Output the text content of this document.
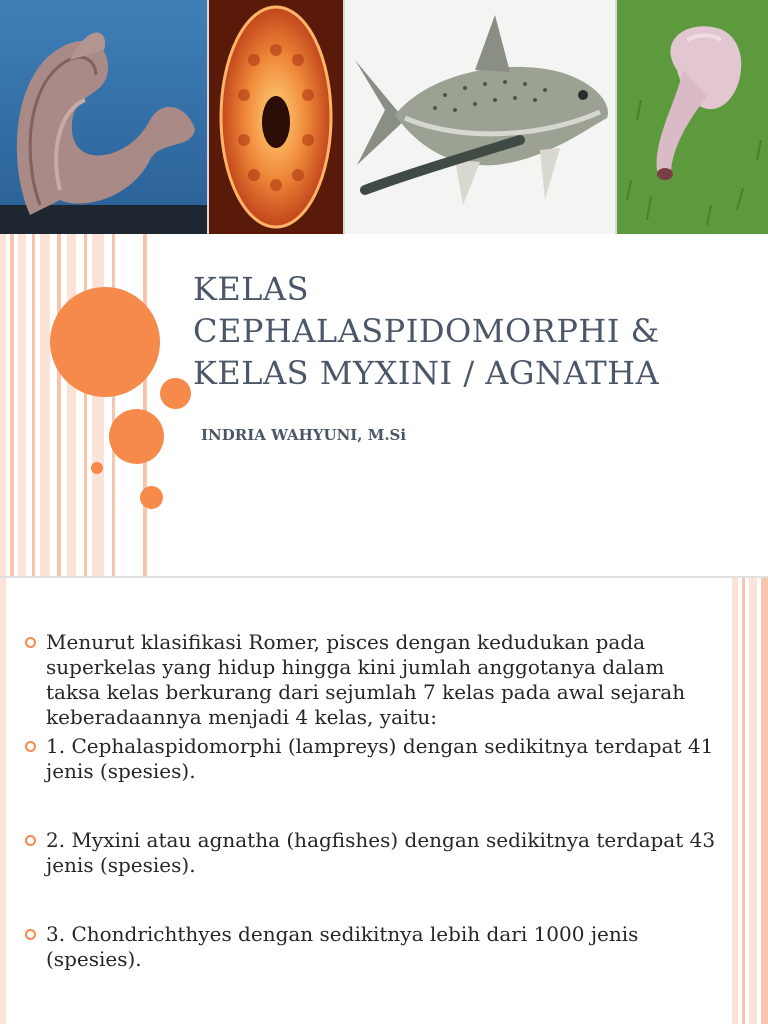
KELAS
CEPHALASPIDOMORPHI &
KELAS MYXINI / AGNATHA

INDRIA WAHYUNI, M.Si

Menurut klasifikasi Romer, pisces dengan kedudukan pada superkelas yang hidup hingga kini jumlah anggotanya dalam taksa kelas berkurang dari sejumlah 7 kelas pada awal sejarah keberadaannya menjadi 4 kelas, yaitu:
1. Cephalaspidomorphi (lampreys) dengan sedikitnya terdapat 41 jenis (spesies).
2. Myxini atau agnatha (hagfishes) dengan sedikitnya terdapat 43 jenis (spesies).
3. Chondrichthyes dengan sedikitnya lebih dari 1000 jenis (spesies).
